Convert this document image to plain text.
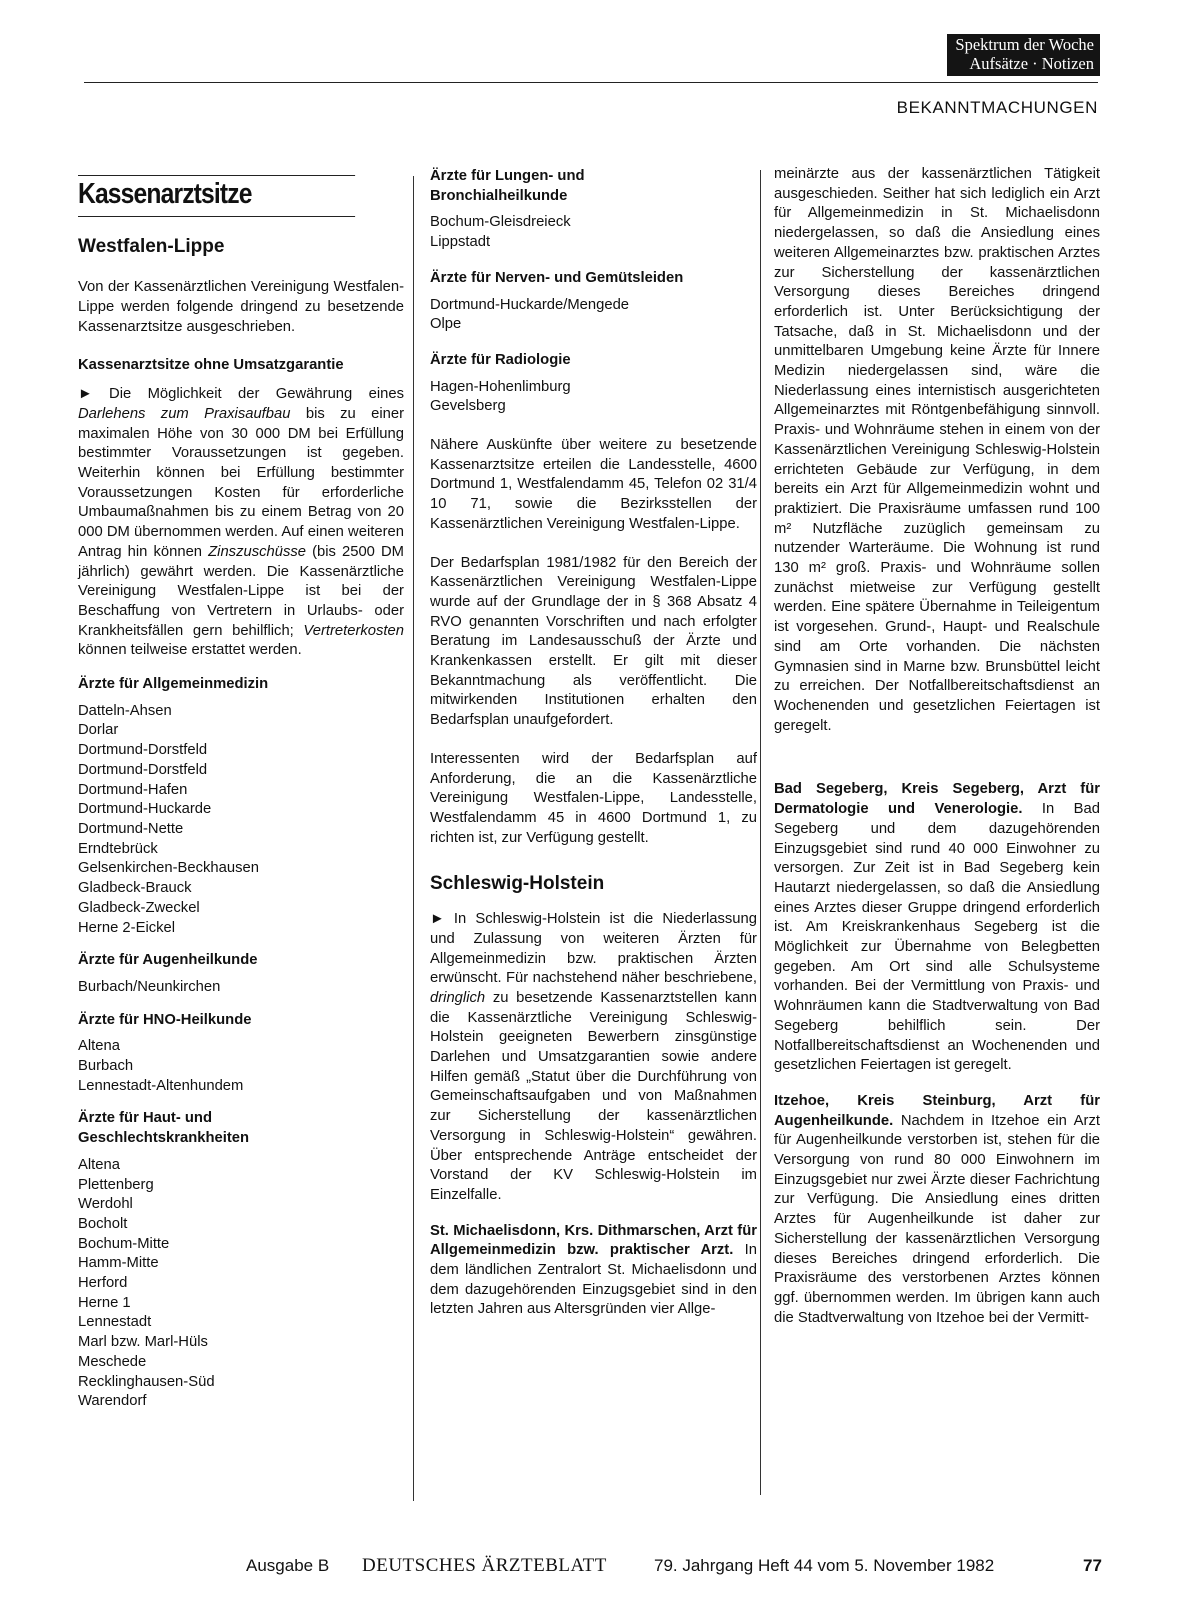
Spektrum der Woche
Aufsätze · Notizen
BEKANNTMACHUNGEN
Kassenarztsitze
Westfalen-Lippe

Von der Kassenärztlichen Vereinigung Westfalen-Lippe werden folgende dringend zu besetzende Kassenarztsitze ausgeschrieben.

Kassenarztsitze ohne Umsatzgarantie

► Die Möglichkeit der Gewährung eines Darlehens zum Praxisaufbau bis zu einer maximalen Höhe von 30 000 DM bei Erfüllung bestimmter Voraussetzungen ist gegeben. Weiterhin können bei Erfüllung bestimmter Voraussetzungen Kosten für erforderliche Umbaumaßnahmen bis zu einem Betrag von 20 000 DM übernommen werden. Auf einen weiteren Antrag hin können Zinszuschüsse (bis 2500 DM jährlich) gewährt werden. Die Kassenärztliche Vereinigung Westfalen-Lippe ist bei der Beschaffung von Vertretern in Urlaubs- oder Krankheitsfällen gern behilflich; Vertreterkosten können teilweise erstattet werden.

Ärzte für Allgemeinmedizin
Datteln-Ahsen
Dorlar
Dortmund-Dorstfeld
Dortmund-Dorstfeld
Dortmund-Hafen
Dortmund-Huckarde
Dortmund-Nette
Erndtebrück
Gelsenkirchen-Beckhausen
Gladbeck-Brauck
Gladbeck-Zweckel
Herne 2-Eickel
Ärzte für Augenheilkunde
Burbach/Neunkirchen
Ärzte für HNO-Heilkunde
Altena
Burbach
Lennestadt-Altenhundem
Ärzte für Haut- und Geschlechtskrankheiten
Altena
Plettenberg
Werdohl
Bocholt
Bochum-Mitte
Hamm-Mitte
Herford
Herne 1
Lennestadt
Marl bzw. Marl-Hüls
Meschede
Recklinghausen-Süd
Warendorf
Ärzte für Lungen- und Bronchialheilkunde
Bochum-Gleisdreieck
Lippstadt
Ärzte für Nerven- und Gemütsleiden
Dortmund-Huckarde/Mengede
Olpe
Ärzte für Radiologie
Hagen-Hohenlimburg
Gevelsberg

Nähere Auskünfte über weitere zu besetzende Kassenarztsitze erteilen die Landesstelle, 4600 Dortmund 1, Westfalendamm 45, Telefon 02 31/4 10 71, sowie die Bezirksstellen der Kassenärztlichen Vereinigung Westfalen-Lippe.

Der Bedarfsplan 1981/1982 für den Bereich der Kassenärztlichen Vereinigung Westfalen-Lippe wurde auf der Grundlage der in § 368 Absatz 4 RVO genannten Vorschriften und nach erfolgter Beratung im Landesausschuß der Ärzte und Krankenkassen erstellt. Er gilt mit dieser Bekanntmachung als veröffentlicht. Die mitwirkenden Institutionen erhalten den Bedarfsplan unaufgefordert.

Interessenten wird der Bedarfsplan auf Anforderung, die an die Kassenärztliche Vereinigung Westfalen-Lippe, Landesstelle, Westfalendamm 45 in 4600 Dortmund 1, zu richten ist, zur Verfügung gestellt.

Schleswig-Holstein

► In Schleswig-Holstein ist die Niederlassung und Zulassung von weiteren Ärzten für Allgemeinmedizin bzw. praktischen Ärzten erwünscht. Für nachstehend näher beschriebene, dringlich zu besetzende Kassenarztstellen kann die Kassenärztliche Vereinigung Schleswig-Holstein geeigneten Bewerbern zinsgünstige Darlehen und Umsatzgarantien sowie andere Hilfen gemäß „Statut über die Durchführung von Gemeinschaftsaufgaben und von Maßnahmen zur Sicherstellung der kassenärztlichen Versorgung in Schleswig-Holstein“ gewähren. Über entsprechende Anträge entscheidet der Vorstand der KV Schleswig-Holstein im Einzelfalle.

St. Michaelisdonn, Krs. Dithmarschen, Arzt für Allgemeinmedizin bzw. praktischer Arzt. In dem ländlichen Zentralort St. Michaelisdonn und dem dazugehörenden Einzugsgebiet sind in den letzten Jahren aus Altersgründen vier Allge-

meinärzte aus der kassenärztlichen Tätigkeit ausgeschieden. Seither hat sich lediglich ein Arzt für Allgemeinmedizin in St. Michaelisdonn niedergelassen, so daß die Ansiedlung eines weiteren Allgemeinarztes bzw. praktischen Arztes zur Sicherstellung der kassenärztlichen Versorgung dieses Bereiches dringend erforderlich ist. Unter Berücksichtigung der Tatsache, daß in St. Michaelisdonn und der unmittelbaren Umgebung keine Ärzte für Innere Medizin niedergelassen sind, wäre die Niederlassung eines internistisch ausgerichteten Allgemeinarztes mit Röntgenbefähigung sinnvoll. Praxis- und Wohnräume stehen in einem von der Kassenärztlichen Vereinigung Schleswig-Holstein errichteten Gebäude zur Verfügung, in dem bereits ein Arzt für Allgemeinmedizin wohnt und praktiziert. Die Praxisräume umfassen rund 100 m² Nutzfläche zuzüglich gemeinsam zu nutzender Warteräume. Die Wohnung ist rund 130 m² groß. Praxis- und Wohnräume sollen zunächst mietweise zur Verfügung gestellt werden. Eine spätere Übernahme in Teileigentum ist vorgesehen. Grund-, Haupt- und Realschule sind am Orte vorhanden. Die nächsten Gymnasien sind in Marne bzw. Brunsbüttel leicht zu erreichen. Der Notfallbereitschaftsdienst an Wochenenden und gesetzlichen Feiertagen ist geregelt.

Bad Segeberg, Kreis Segeberg, Arzt für Dermatologie und Venerologie. In Bad Segeberg und dem dazugehörenden Einzugsgebiet sind rund 40 000 Einwohner zu versorgen. Zur Zeit ist in Bad Segeberg kein Hautarzt niedergelassen, so daß die Ansiedlung eines Arztes dieser Gruppe dringend erforderlich ist. Am Kreiskrankenhaus Segeberg ist die Möglichkeit zur Übernahme von Belegbetten gegeben. Am Ort sind alle Schulsysteme vorhanden. Bei der Vermittlung von Praxis- und Wohnräumen kann die Stadtverwaltung von Bad Segeberg behilflich sein. Der Notfallbereitschaftsdienst an Wochenenden und gesetzlichen Feiertagen ist geregelt.

Itzehoe, Kreis Steinburg, Arzt für Augenheilkunde. Nachdem in Itzehoe ein Arzt für Augenheilkunde verstorben ist, stehen für die Versorgung von rund 80 000 Einwohnern im Einzugsgebiet nur zwei Ärzte dieser Fachrichtung zur Verfügung. Die Ansiedlung eines dritten Arztes für Augenheilkunde ist daher zur Sicherstellung der kassenärztlichen Versorgung dieses Bereiches dringend erforderlich. Die Praxisräume des verstorbenen Arztes können ggf. übernommen werden. Im übrigen kann auch die Stadtverwaltung von Itzehoe bei der Vermitt-

Ausgabe B DEUTSCHES ÄRZTEBLATT	79. Jahrgang Heft 44 vom 5. November 1982	77
